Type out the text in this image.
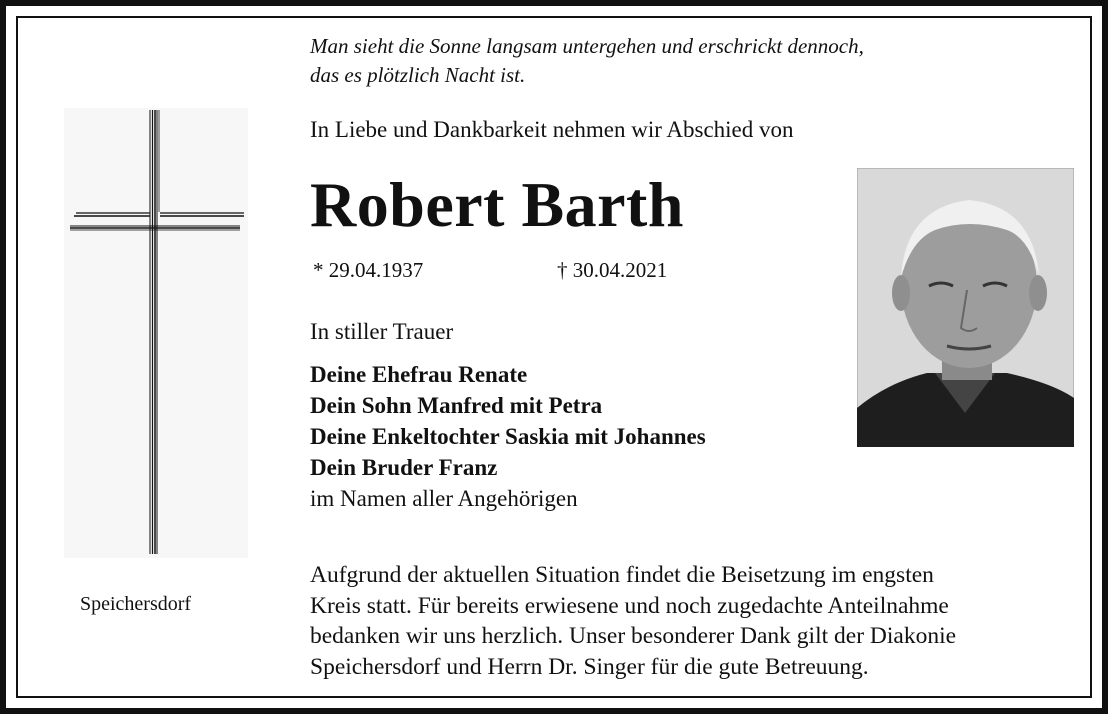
Man sieht die Sonne langsam untergehen und erschrickt dennoch,
das es plötzlich Nacht ist.
In Liebe und Dankbarkeit nehmen wir Abschied von
Robert Barth
* 29.04.1937	† 30.04.2021
In stiller Trauer
Deine Ehefrau Renate
Dein Sohn Manfred mit Petra
Deine Enkeltochter Saskia mit Johannes
Dein Bruder Franz
im Namen aller Angehörigen
Speichersdorf
Aufgrund der aktuellen Situation findet die Beisetzung im engsten
Kreis statt. Für bereits erwiesene und noch zugedachte Anteilnahme
bedanken wir uns herzlich. Unser besonderer Dank gilt der Diakonie
Speichersdorf und Herrn Dr. Singer für die gute Betreuung.
